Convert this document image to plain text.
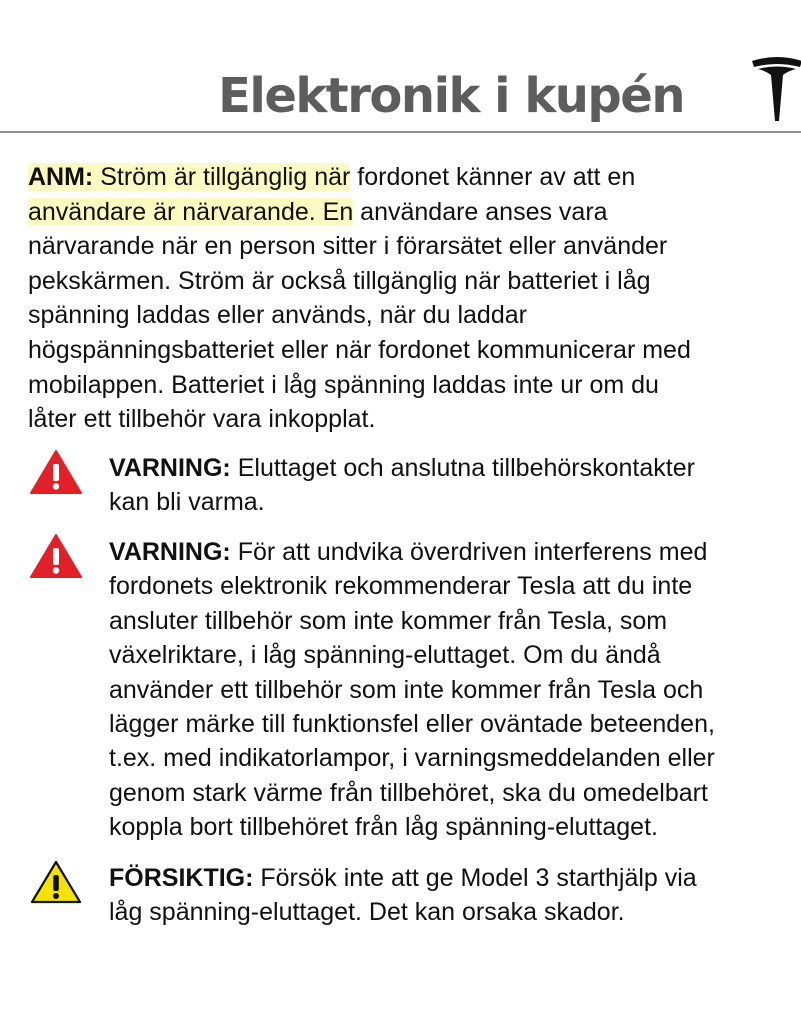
Elektronik i kupén
ANM: Ström är tillgänglig när fordonet känner av att en
användare är närvarande. En användare anses vara
närvarande när en person sitter i förarsätet eller använder
pekskärmen. Ström är också tillgänglig när batteriet i låg
spänning laddas eller används, när du laddar
högspänningsbatteriet eller när fordonet kommunicerar med
mobilappen. Batteriet i låg spänning laddas inte ur om du
låter ett tillbehör vara inkopplat.
VARNING: Eluttaget och anslutna tillbehörskontakter
kan bli varma.
VARNING: För att undvika överdriven interferens med
fordonets elektronik rekommenderar Tesla att du inte
ansluter tillbehör som inte kommer från Tesla, som
växelriktare, i låg spänning-eluttaget. Om du ändå
använder ett tillbehör som inte kommer från Tesla och
lägger märke till funktionsfel eller oväntade beteenden,
t.ex. med indikatorlampor, i varningsmeddelanden eller
genom stark värme från tillbehöret, ska du omedelbart
koppla bort tillbehöret från låg spänning-eluttaget.
FÖRSIKTIG: Försök inte att ge Model 3 starthjälp via
låg spänning-eluttaget. Det kan orsaka skador.
